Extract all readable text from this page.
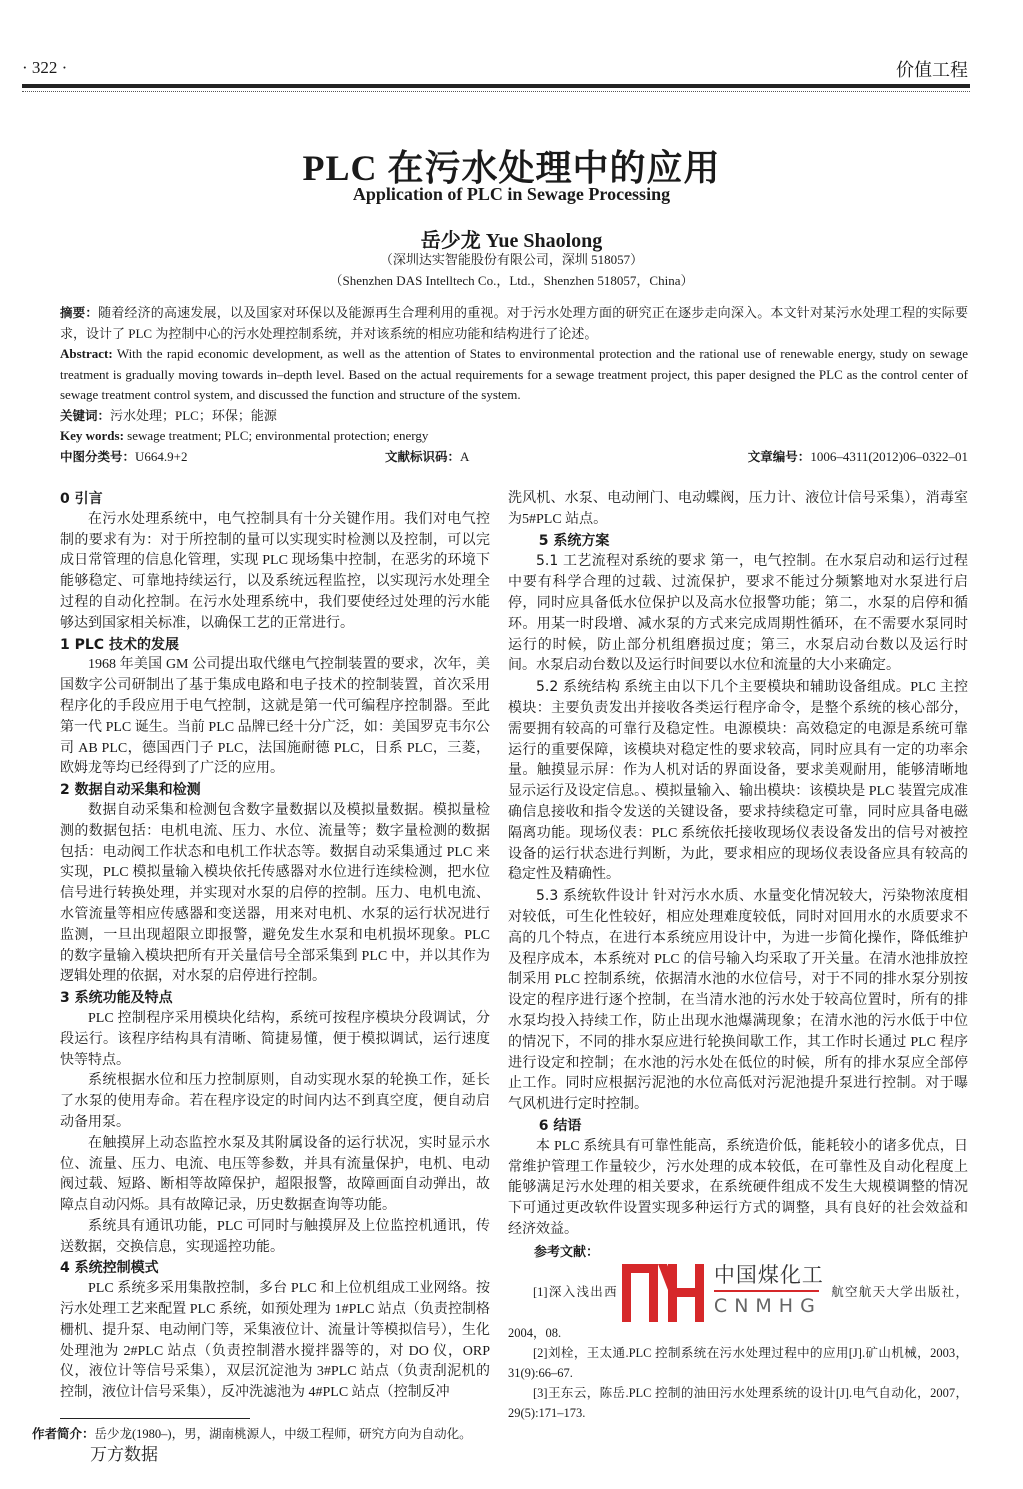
· 322 ·	价值工程
PLC 在污水处理中的应用
Application of PLC in Sewage Processing
岳少龙 Yue Shaolong
（深圳达实智能股份有限公司，深圳 518057）
（Shenzhen DAS Intelltech Co.，Ltd.，Shenzhen 518057，China）
摘要：随着经济的高速发展，以及国家对环保以及能源再生合理利用的重视。对于污水处理方面的研究正在逐步走向深入。本文针对某污水处理工程的实际要求，设计了 PLC 为控制中心的污水处理控制系统，并对该系统的相应功能和结构进行了论述。
Abstract: With the rapid economic development, as well as the attention of States to environmental protection and the rational use of renewable energy, study on sewage treatment is gradually moving towards in–depth level. Based on the actual requirements for a sewage treatment project, this paper designed the PLC as the control center of sewage treatment control system, and discussed the function and structure of the system.
关键词：污水处理；PLC；环保；能源
Key words: sewage treatment; PLC; environmental protection; energy
中图分类号：U664.9+2	文献标识码：A	文章编号：1006–4311(2012)06–0322–01
0 引言

在污水处理系统中，电气控制具有十分关键作用。我们对电气控制的要求有为：对于所控制的量可以实现实时检测以及控制，可以完成日常管理的信息化管理，实现 PLC 现场集中控制，在恶劣的环境下能够稳定、可靠地持续运行，以及系统远程监控，以实现污水处理全过程的自动化控制。在污水处理系统中，我们要使经过处理的污水能够达到国家相关标准，以确保工艺的正常进行。

1 PLC 技术的发展

1968 年美国 GM 公司提出取代继电气控制装置的要求，次年，美国数字公司研制出了基于集成电路和电子技术的控制装置，首次采用程序化的手段应用于电气控制，这就是第一代可编程序控制器。至此第一代 PLC 诞生。当前 PLC 品牌已经十分广泛，如：美国罗克韦尔公司 AB PLC，德国西门子 PLC，法国施耐德 PLC，日系 PLC，三菱，欧姆龙等均已经得到了广泛的应用。

2 数据自动采集和检测

数据自动采集和检测包含数字量数据以及模拟量数据。模拟量检测的数据包括：电机电流、压力、水位、流量等；数字量检测的数据包括：电动阀工作状态和电机工作状态等。数据自动采集通过 PLC 来实现，PLC 模拟量输入模块依托传感器对水位进行连续检测，把水位信号进行转换处理，并实现对水泵的启停的控制。压力、电机电流、水管流量等相应传感器和变送器，用来对电机、水泵的运行状况进行监测，一旦出现超限立即报警，避免发生水泵和电机损坏现象。PLC 的数字量输入模块把所有开关量信号全部采集到 PLC 中，并以其作为逻辑处理的依据，对水泵的启停进行控制。

3 系统功能及特点

PLC 控制程序采用模块化结构，系统可按程序模块分段调试，分段运行。该程序结构具有清晰、简捷易懂，便于模拟调试，运行速度快等特点。

系统根据水位和压力控制原则，自动实现水泵的轮换工作，延长了水泵的使用寿命。若在程序设定的时间内达不到真空度，便自动启动备用泵。

在触摸屏上动态监控水泵及其附属设备的运行状况，实时显示水位、流量、压力、电流、电压等参数，并具有流量保护，电机、电动阀过载、短路、断相等故障保护，超限报警，故障画面自动弹出，故障点自动闪烁。具有故障记录，历史数据查询等功能。

系统具有通讯功能，PLC 可同时与触摸屏及上位监控机通讯，传送数据，交换信息，实现遥控功能。

4 系统控制模式

PLC 系统多采用集散控制，多台 PLC 和上位机组成工业网络。按污水处理工艺来配置 PLC 系统，如预处理为 1#PLC 站点（负责控制格栅机、提升泵、电动闸门等，采集液位计、流量计等模拟信号），生化处理池为 2#PLC 站点（负责控制潜水搅拌器等的，对 DO 仪，ORP 仪，液位计等信号采集），双层沉淀池为 3#PLC 站点（负责刮泥机的控制，液位计信号采集），反冲洗滤池为 4#PLC 站点（控制反冲

作者简介：岳少龙(1980–)，男，湖南桃源人，中级工程师，研究方向为自动化。
万方数据

洗风机、水泵、电动闸门、电动蝶阀，压力计、液位计信号采集），消毒室为5#PLC 站点。

5 系统方案

5.1 工艺流程对系统的要求 第一，电气控制。在水泵启动和运行过程中要有科学合理的过载、过流保护，要求不能过分频繁地对水泵进行启停，同时应具备低水位保护以及高水位报警功能；第二，水泵的启停和循环。用某一时段增、减水泵的方式来完成周期性循环，在不需要水泵同时运行的时候，防止部分机组磨损过度；第三，水泵启动台数以及运行时间。水泵启动台数以及运行时间要以水位和流量的大小来确定。

5.2 系统结构 系统主由以下几个主要模块和辅助设备组成。PLC 主控模块：主要负责发出并接收各类运行程序命令，是整个系统的核心部分，需要拥有较高的可靠行及稳定性。电源模块：高效稳定的电源是系统可靠运行的重要保障，该模块对稳定性的要求较高，同时应具有一定的功率余量。触摸显示屏：作为人机对话的界面设备，要求美观耐用，能够清晰地显示运行及设定信息。、模拟量输入、输出模块：该模块是 PLC 装置完成准确信息接收和指令发送的关键设备，要求持续稳定可靠，同时应具备电磁隔离功能。现场仪表：PLC 系统依托接收现场仪表设备发出的信号对被控设备的运行状态进行判断，为此，要求相应的现场仪表设备应具有较高的稳定性及精确性。

5.3 系统软件设计 针对污水水质、水量变化情况较大，污染物浓度相对较低，可生化性较好，相应处理难度较低，同时对回用水的水质要求不高的几个特点，在进行本系统应用设计中，为进一步简化操作，降低维护及程序成本，本系统对 PLC 的信号输入均采取了开关量。在清水池排放控制采用 PLC 控制系统，依据清水池的水位信号，对于不同的排水泵分别按设定的程序进行逐个控制，在当清水池的污水处于较高位置时，所有的排水泵均投入持续工作，防止出现水池爆满现象；在清水池的污水低于中位的情况下，不同的排水泵应进行轮换间歇工作，其工作时长通过 PLC 程序进行设定和控制；在水池的污水处在低位的时候，所有的排水泵应全部停止工作。同时应根据污泥池的水位高低对污泥池提升泵进行控制。对于曝气风机进行定时控制。

6 结语

本 PLC 系统具有可靠性能高，系统造价低，能耗较小的诸多优点，日常维护管理工作量较少，污水处理的成本较低，在可靠性及自动化程度上能够满足污水处理的相关要求，在系统硬件组成不发生大规模调整的情况下可通过更改软件设置实现多种运行方式的调整，具有良好的社会效益和经济效益。

参考文献：

[1]深入浅出西
中国煤化工
CNMHG
航空航天大学出版社，2004，08.

[2]刘栓，王太通.PLC 控制系统在污水处理过程中的应用[J].矿山机械，2003，31(9):66–67.

[3]王东云，陈岳.PLC 控制的油田污水处理系统的设计[J].电气自动化，2007，29(5):171–173.
